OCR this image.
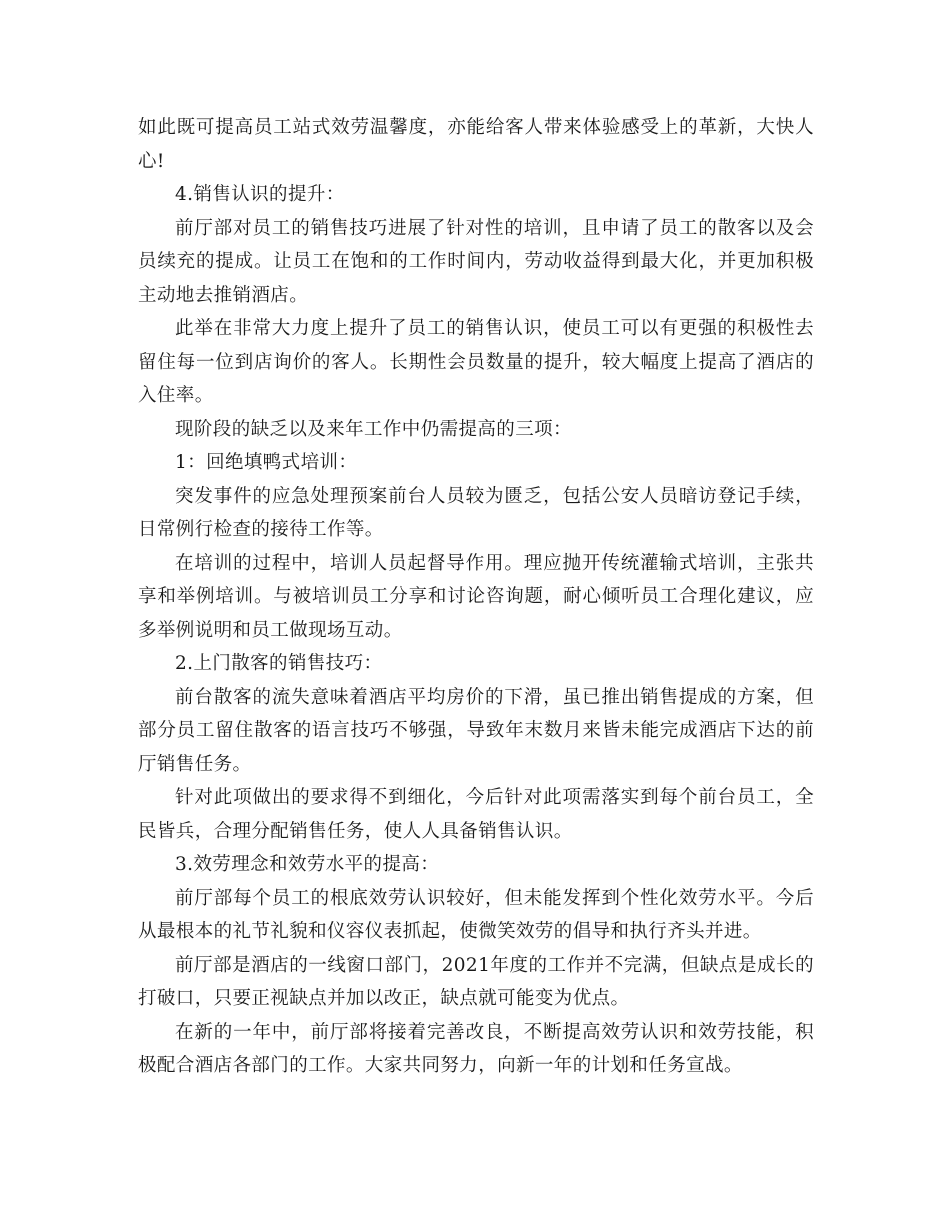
如此既可提高员工站式效劳温馨度，亦能给客人带来体验感受上的革新，大快人心!

4.销售认识的提升：

前厅部对员工的销售技巧进展了针对性的培训，且申请了员工的散客以及会员续充的提成。让员工在饱和的工作时间内，劳动收益得到最大化，并更加积极主动地去推销酒店。

此举在非常大力度上提升了员工的销售认识，使员工可以有更强的积极性去留住每一位到店询价的客人。长期性会员数量的提升，较大幅度上提高了酒店的入住率。

现阶段的缺乏以及来年工作中仍需提高的三项：

1：回绝填鸭式培训：

突发事件的应急处理预案前台人员较为匮乏，包括公安人员暗访登记手续，日常例行检查的接待工作等。

在培训的过程中，培训人员起督导作用。理应抛开传统灌输式培训，主张共享和举例培训。与被培训员工分享和讨论咨询题，耐心倾听员工合理化建议，应多举例说明和员工做现场互动。

2.上门散客的销售技巧：

前台散客的流失意味着酒店平均房价的下滑，虽已推出销售提成的方案，但部分员工留住散客的语言技巧不够强，导致年末数月来皆未能完成酒店下达的前厅销售任务。

针对此项做出的要求得不到细化，今后针对此项需落实到每个前台员工，全民皆兵，合理分配销售任务，使人人具备销售认识。

3.效劳理念和效劳水平的提高：

前厅部每个员工的根底效劳认识较好，但未能发挥到个性化效劳水平。今后从最根本的礼节礼貌和仪容仪表抓起，使微笑效劳的倡导和执行齐头并进。

前厅部是酒店的一线窗口部门，2021年度的工作并不完满，但缺点是成长的打破口，只要正视缺点并加以改正，缺点就可能变为优点。

在新的一年中，前厅部将接着完善改良，不断提高效劳认识和效劳技能，积极配合酒店各部门的工作。大家共同努力，向新一年的计划和任务宣战。
